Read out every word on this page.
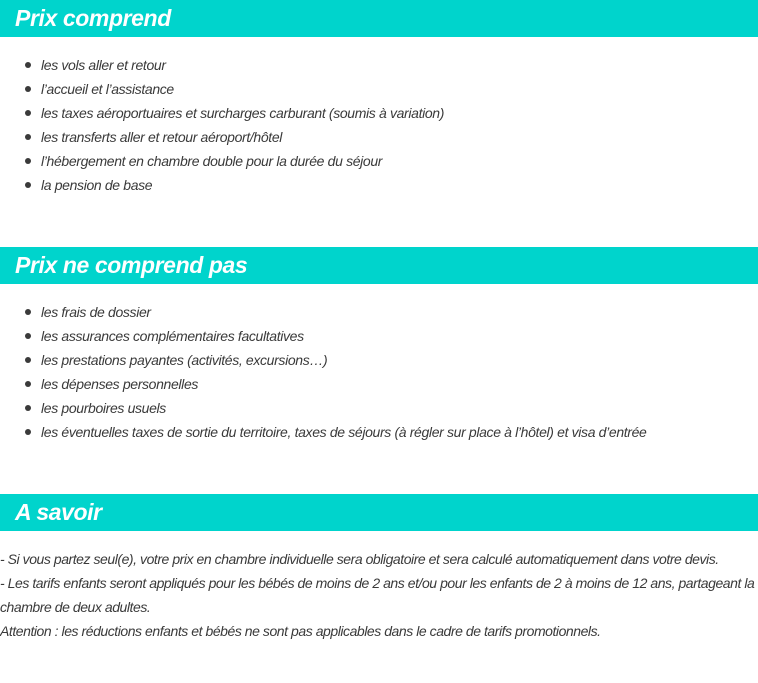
Prix comprend
les vols aller et retour
l’accueil et l’assistance
les taxes aéroportuaires et surcharges carburant (soumis à variation)
les transferts aller et retour aéroport/hôtel
l’hébergement en chambre double pour la durée du séjour
la pension de base
Prix ne comprend pas
les frais de dossier
les assurances complémentaires facultatives
les prestations payantes (activités, excursions…)
les dépenses personnelles
les pourboires usuels
les éventuelles taxes de sortie du territoire, taxes de séjours (à régler sur place à l’hôtel) et visa d’entrée
A savoir

- Si vous partez seul(e), votre prix en chambre individuelle sera obligatoire et sera calculé automatiquement dans votre devis.

- Les tarifs enfants seront appliqués pour les bébés de moins de 2 ans et/ou pour les enfants de 2 à moins de 12 ans, partageant la chambre de deux adultes.

Attention : les réductions enfants et bébés ne sont pas applicables dans le cadre de tarifs promotionnels.
